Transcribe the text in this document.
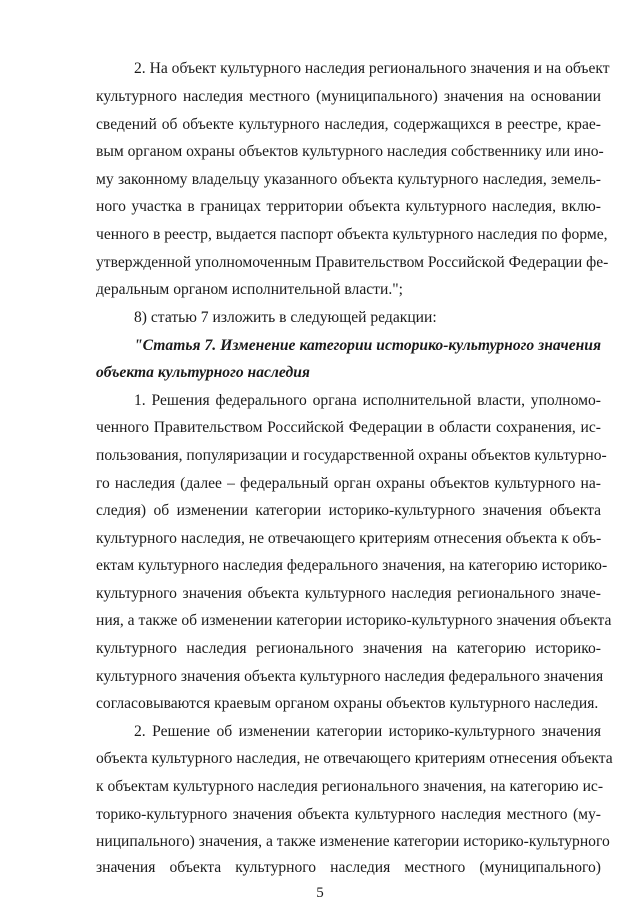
2. На объект культурного наследия регионального значения и на объект
культурного наследия местного (муниципального) значения на основании
сведений об объекте культурного наследия, содержащихся в реестре, крае-
вым органом охраны объектов культурного наследия собственнику или ино-
му законному владельцу указанного объекта культурного наследия, земель-
ного участка в границах территории объекта культурного наследия, вклю-
ченного в реестр, выдается паспорт объекта культурного наследия по форме,
утвержденной уполномоченным Правительством Российской Федерации фе-
деральным органом исполнительной власти.";
8) статью 7 изложить в следующей редакции:
"Статья 7. Изменение категории историко-культурного значения
объекта культурного наследия
1. Решения федерального органа исполнительной власти, уполномо-
ченного Правительством Российской Федерации в области сохранения, ис-
пользования, популяризации и государственной охраны объектов культурно-
го наследия (далее – федеральный орган охраны объектов культурного на-
следия) об изменении категории историко-культурного значения объекта
культурного наследия, не отвечающего критериям отнесения объекта к объ-
ектам культурного наследия федерального значения, на категорию историко-
культурного значения объекта культурного наследия регионального значе-
ния, а также об изменении категории историко-культурного значения объекта
культурного наследия регионального значения на категорию историко-
культурного значения объекта культурного наследия федерального значения
согласовываются краевым органом охраны объектов культурного наследия.
2. Решение об изменении категории историко-культурного значения
объекта культурного наследия, не отвечающего критериям отнесения объекта
к объектам культурного наследия регионального значения, на категорию ис-
торико-культурного значения объекта культурного наследия местного (му-
ниципального) значения, а также изменение категории историко-культурного
значения объекта культурного наследия местного (муниципального)
5
